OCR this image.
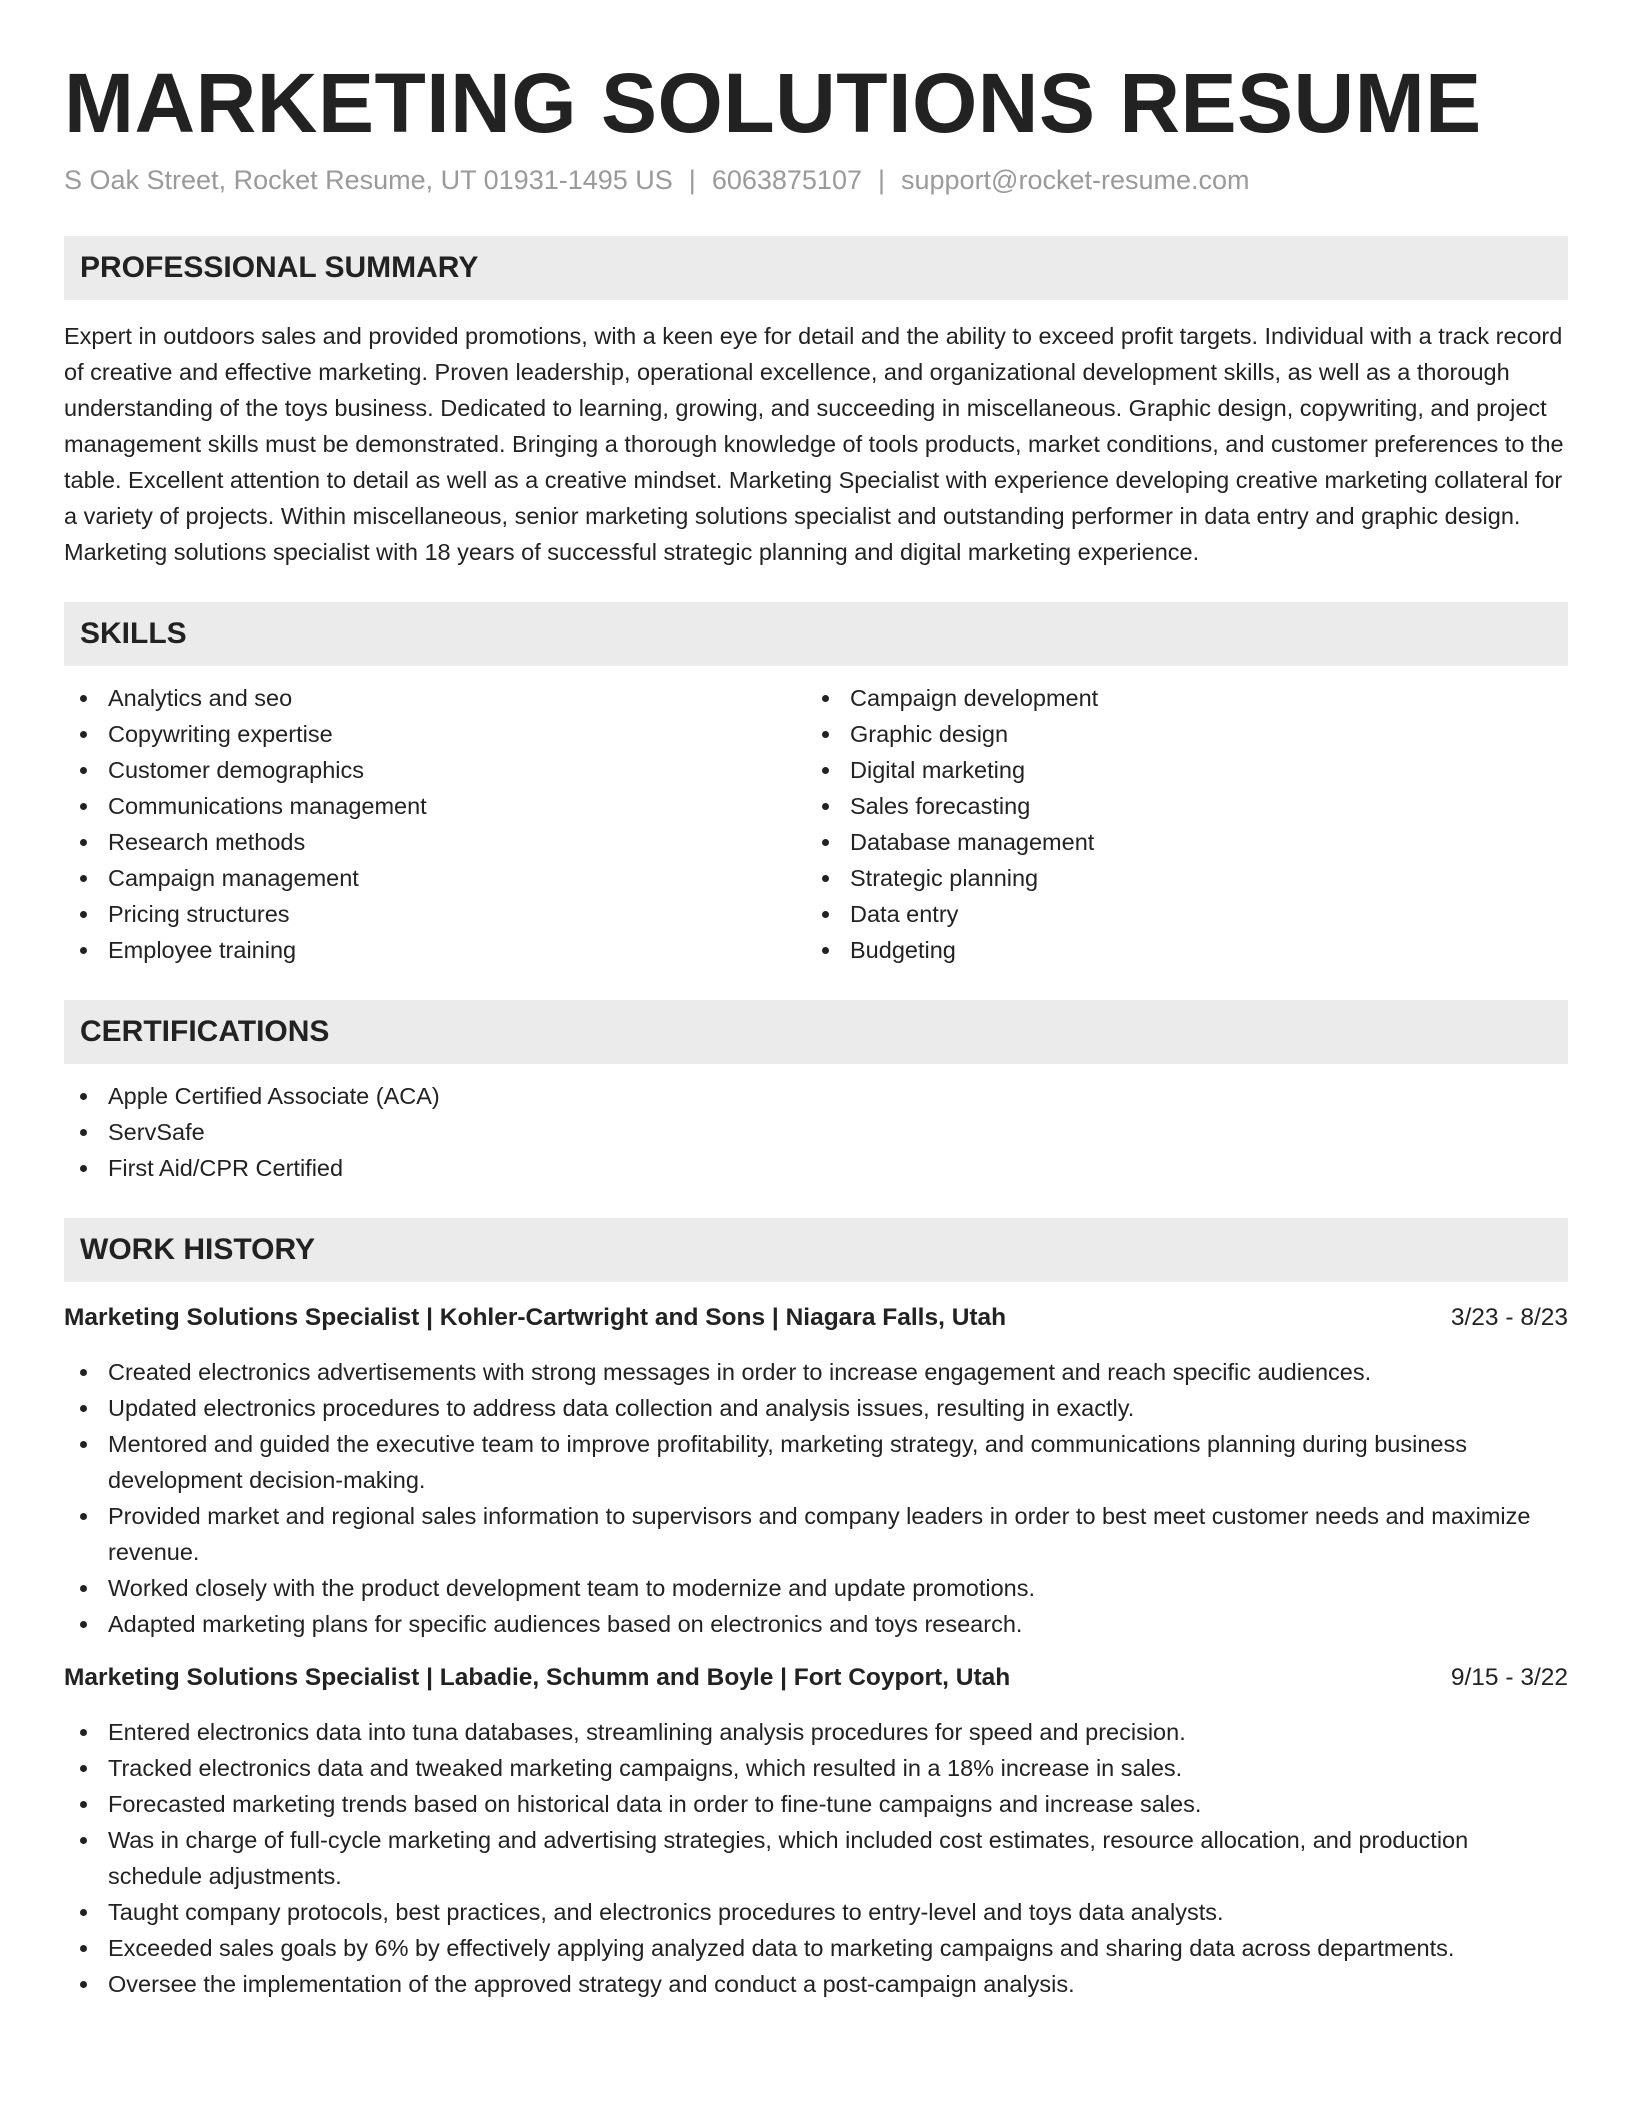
MARKETING SOLUTIONS RESUME
S Oak Street, Rocket Resume, UT 01931-1495 US | 6063875107 | support@rocket-resume.com
PROFESSIONAL SUMMARY

Expert in outdoors sales and provided promotions, with a keen eye for detail and the ability to exceed profit targets. Individual with a track record of creative and effective marketing. Proven leadership, operational excellence, and organizational development skills, as well as a thorough understanding of the toys business. Dedicated to learning, growing, and succeeding in miscellaneous. Graphic design, copywriting, and project management skills must be demonstrated. Bringing a thorough knowledge of tools products, market conditions, and customer preferences to the table. Excellent attention to detail as well as a creative mindset. Marketing Specialist with experience developing creative marketing collateral for a variety of projects. Within miscellaneous, senior marketing solutions specialist and outstanding performer in data entry and graphic design. Marketing solutions specialist with 18 years of successful strategic planning and digital marketing experience.

SKILLS
Analytics and seo
Copywriting expertise
Customer demographics
Communications management
Research methods
Campaign management
Pricing structures
Employee training
Campaign development
Graphic design
Digital marketing
Sales forecasting
Database management
Strategic planning
Data entry
Budgeting
CERTIFICATIONS
Apple Certified Associate (ACA)
ServSafe
First Aid/CPR Certified
WORK HISTORY
Marketing Solutions Specialist | Kohler-Cartwright and Sons | Niagara Falls, Utah	3/23 - 8/23
Created electronics advertisements with strong messages in order to increase engagement and reach specific audiences.
Updated electronics procedures to address data collection and analysis issues, resulting in exactly.
Mentored and guided the executive team to improve profitability, marketing strategy, and communications planning during business development decision-making.
Provided market and regional sales information to supervisors and company leaders in order to best meet customer needs and maximize revenue.
Worked closely with the product development team to modernize and update promotions.
Adapted marketing plans for specific audiences based on electronics and toys research.
Marketing Solutions Specialist | Labadie, Schumm and Boyle | Fort Coyport, Utah	9/15 - 3/22
Entered electronics data into tuna databases, streamlining analysis procedures for speed and precision.
Tracked electronics data and tweaked marketing campaigns, which resulted in a 18% increase in sales.
Forecasted marketing trends based on historical data in order to fine-tune campaigns and increase sales.
Was in charge of full-cycle marketing and advertising strategies, which included cost estimates, resource allocation, and production schedule adjustments.
Taught company protocols, best practices, and electronics procedures to entry-level and toys data analysts.
Exceeded sales goals by 6% by effectively applying analyzed data to marketing campaigns and sharing data across departments.
Oversee the implementation of the approved strategy and conduct a post-campaign analysis.
